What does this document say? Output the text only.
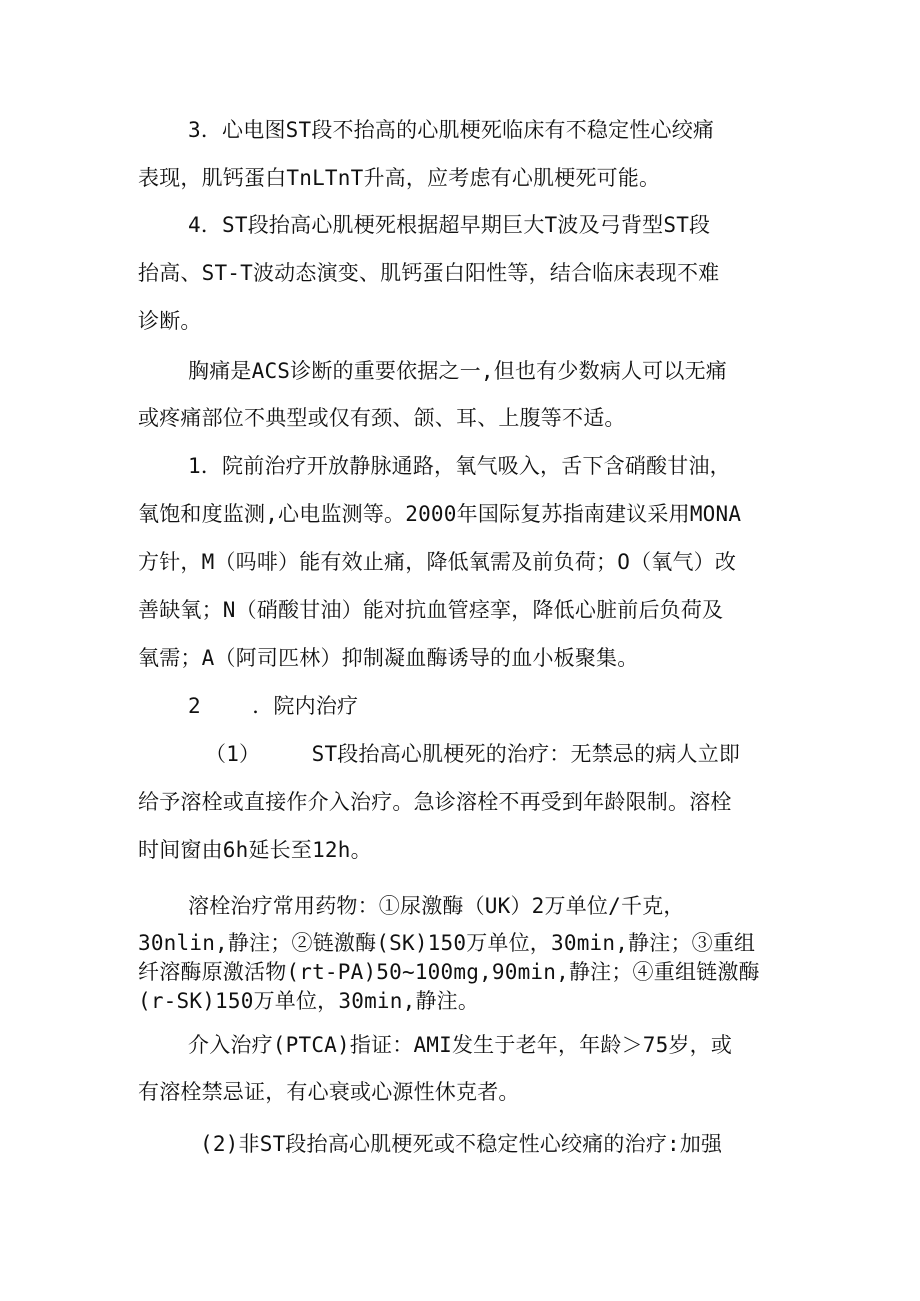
3．心电图ST段不抬高的心肌梗死临床有不稳定性心绞痛

表现，肌钙蛋白TnLTnT升高，应考虑有心肌梗死可能。

4．ST段抬高心肌梗死根据超早期巨大T波及弓背型ST段

抬高、ST-T波动态演变、肌钙蛋白阳性等，结合临床表现不难

诊断。

胸痛是ACS诊断的重要依据之一,但也有少数病人可以无痛

或疼痛部位不典型或仅有颈、颌、耳、上腹等不适。

1．院前治疗开放静脉通路，氧气吸入，舌下含硝酸甘油，

氧饱和度监测,心电监测等。2000年国际复苏指南建议采用MONA

方针，M（吗啡）能有效止痛，降低氧需及前负荷；O（氧气）改

善缺氧；N（硝酸甘油）能对抗血管痉挛，降低心脏前后负荷及

氧需；A（阿司匹林）抑制凝血酶诱导的血小板聚集。

2    ．院内治疗

（1）    ST段抬高心肌梗死的治疗：无禁忌的病人立即

给予溶栓或直接作介入治疗。急诊溶栓不再受到年龄限制。溶栓

时间窗由6h延长至12h。

溶栓治疗常用药物：①尿激酶（UK）2万单位/千克，

30nlin,静注；②链激酶(SK)150万单位，30min,静注；③重组

纤溶酶原激活物(rt-PA)50~100mg,90min,静注；④重组链激酶

(r-SK)150万单位，30min,静注。

介入治疗(PTCA)指证：AMI发生于老年，年龄＞75岁，或

有溶栓禁忌证，有心衰或心源性休克者。

(2)非ST段抬高心肌梗死或不稳定性心绞痛的治疗:加强
